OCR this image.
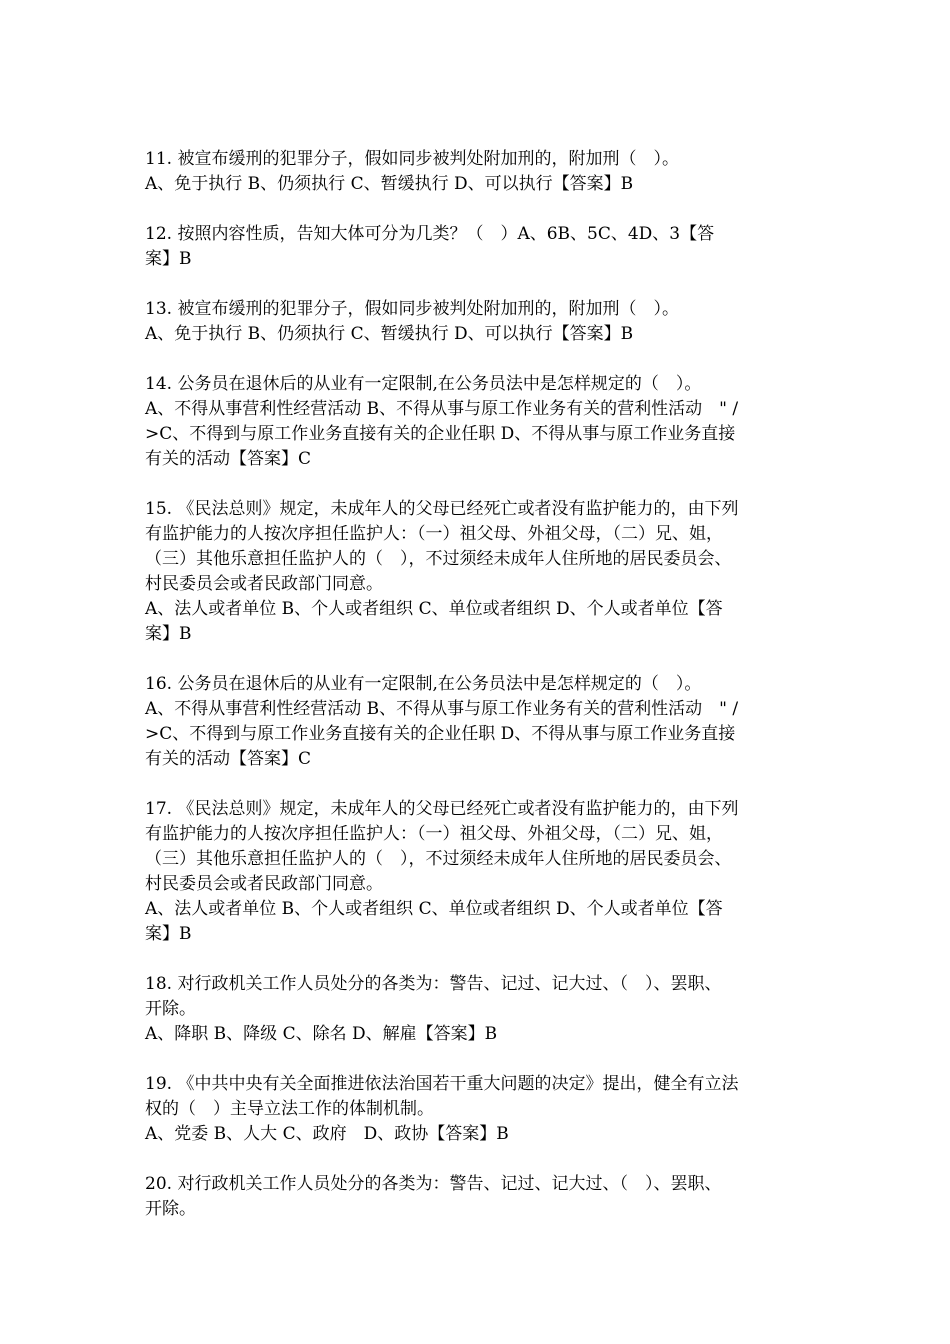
11. 被宣布缓刑的犯罪分子，假如同步被判处附加刑的，附加刑（　）。
A、免于执行 B、仍须执行 C、暂缓执行 D、可以执行【答案】B
12. 按照内容性质，告知大体可分为几类？（　）A、6B、5C、4D、3【答
案】B
13. 被宣布缓刑的犯罪分子，假如同步被判处附加刑的，附加刑（　）。
A、免于执行 B、仍须执行 C、暂缓执行 D、可以执行【答案】B
14. 公务员在退休后的从业有一定限制,在公务员法中是怎样规定的（　）。
A、不得从事营利性经营活动 B、不得从事与原工作业务有关的营利性活动　" /
>C、不得到与原工作业务直接有关的企业任职 D、不得从事与原工作业务直接
有关的活动【答案】C
15. 《民法总则》规定，未成年人的父母已经死亡或者没有监护能力的，由下列
有监护能力的人按次序担任监护人：（一）祖父母、外祖父母，（二）兄、姐，
（三）其他乐意担任监护人的（　），不过须经未成年人住所地的居民委员会、
村民委员会或者民政部门同意。
A、法人或者单位 B、个人或者组织 C、单位或者组织 D、个人或者单位【答
案】B
16. 公务员在退休后的从业有一定限制,在公务员法中是怎样规定的（　）。
A、不得从事营利性经营活动 B、不得从事与原工作业务有关的营利性活动　" /
>C、不得到与原工作业务直接有关的企业任职 D、不得从事与原工作业务直接
有关的活动【答案】C
17. 《民法总则》规定，未成年人的父母已经死亡或者没有监护能力的，由下列
有监护能力的人按次序担任监护人：（一）祖父母、外祖父母，（二）兄、姐，
（三）其他乐意担任监护人的（　），不过须经未成年人住所地的居民委员会、
村民委员会或者民政部门同意。
A、法人或者单位 B、个人或者组织 C、单位或者组织 D、个人或者单位【答
案】B
18. 对行政机关工作人员处分的各类为：警告、记过、记大过、（　）、罢职、
开除。
A、降职 B、降级 C、除名 D、解雇【答案】B
19. 《中共中央有关全面推进依法治国若干重大问题的决定》提出，健全有立法
权的（　）主导立法工作的体制机制。
A、党委 B、人大 C、政府　D、政协【答案】B
20. 对行政机关工作人员处分的各类为：警告、记过、记大过、（　）、罢职、
开除。
